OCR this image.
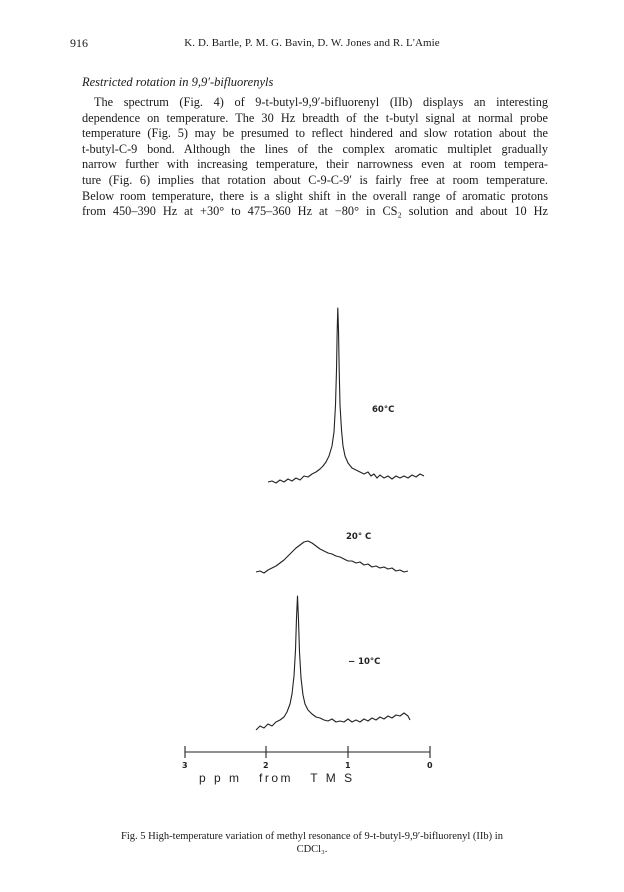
916	K. D. Bartle, P. M. G. Bavin, D. W. Jones and R. L'Amie
Restricted rotation in 9,9′-bifluorenyls
The spectrum (Fig. 4) of 9-t-butyl-9,9′-bifluorenyl (IIb) displays an interesting
dependence on temperature. The 30 Hz breadth of the t-butyl signal at normal probe
temperature (Fig. 5) may be presumed to reflect hindered and slow rotation about the
t-butyl-C-9 bond. Although the lines of the complex aromatic multiplet gradually
narrow further with increasing temperature, their narrowness even at room tempera-
ture (Fig. 6) implies that rotation about C-9-C-9′ is fairly free at room temperature.
Below room temperature, there is a slight shift in the overall range of aromatic protons
from 450–390 Hz at +30° to 475–360 Hz at −80° in CS₂ solution and about 10 Hz
60°C
20° C
− 10°C
3	2	1	0
p p m   from   T M S
Fig. 5 High-temperature variation of methyl resonance of 9-t-butyl-9,9′-bifluorenyl (IIb) in
CDCl₃.
